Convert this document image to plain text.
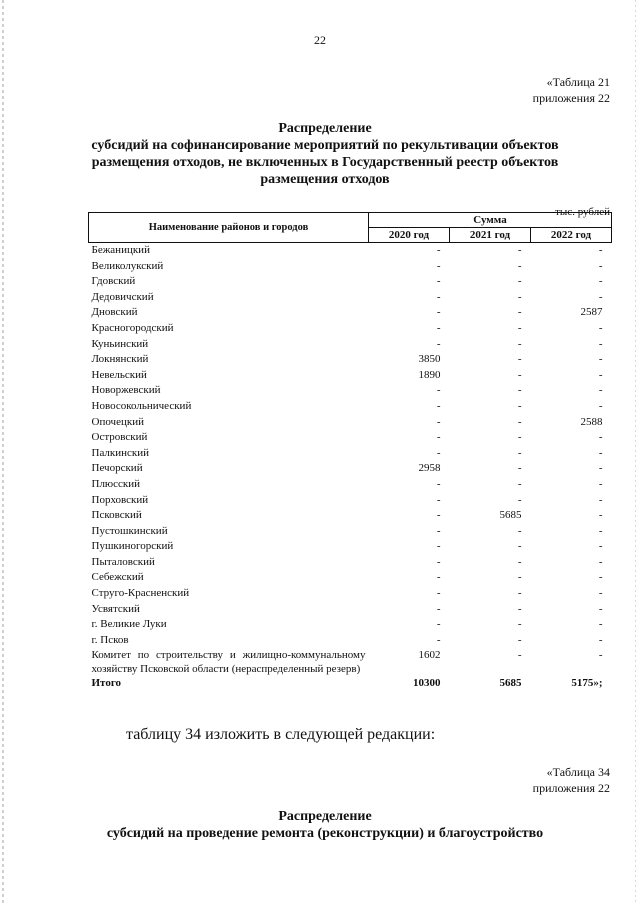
22
«Таблица 21
приложения 22
Распределение
субсидий на софинансирование мероприятий по рекультивации объектов
размещения отходов, не включенных в Государственный реестр объектов
размещения отходов
тыс. рублей
Наименование районов и городов	Сумма		
	2020 год	2021 год	2022 год
Бежаницкий	-	-	-
Великолукский	-	-	-
Гдовский	-	-	-
Дедовичский	-	-	-
Дновский	-	-	2587
Красногородский	-	-	-
Куньинский	-	-	-
Локнянский	3850	-	-
Невельский	1890	-	-
Новоржевский	-	-	-
Новосокольнический	-	-	-
Опочецкий	-	-	2588
Островский	-	-	-
Палкинский	-	-	-
Печорский	2958	-	-
Плюсский	-	-	-
Порховский	-	-	-
Псковский	-	5685	-
Пустошкинский	-	-	-
Пушкиногорский	-	-	-
Пыталовский	-	-	-
Себежский	-	-	-
Струго-Красненский	-	-	-
Усвятский	-	-	-
г. Великие Луки	-	-	-
г. Псков	-	-	-
Комитет по строительству и жилищно-коммунальному хозяйству Псковской области (нераспределенный резерв)	1602	-	-
Итого	10300	5685	5175»;
таблицу 34 изложить в следующей редакции:
«Таблица 34
приложения 22
Распределение
субсидий на проведение ремонта (реконструкции) и благоустройство
